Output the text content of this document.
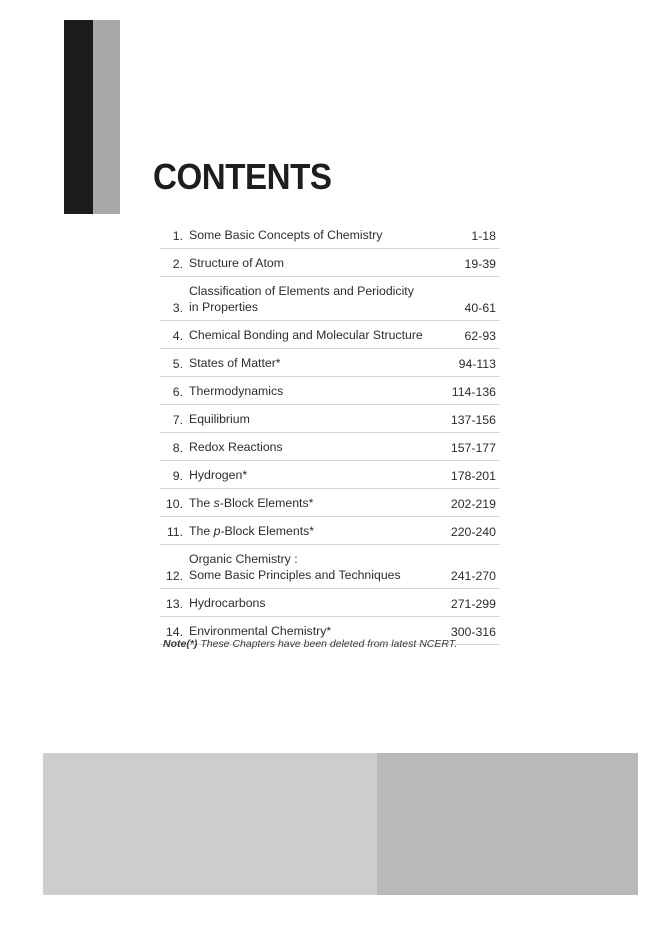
CONTENTS
1. Some Basic Concepts of Chemistry	1-18
2. Structure of Atom	19-39
3.
Classification of Elements and Periodicity
in Properties	40-61
4. Chemical Bonding and Molecular Structure	62-93
5. States of Matter*	94-113
6. Thermodynamics	114-136
7. Equilibrium	137-156
8. Redox Reactions	157-177
9. Hydrogen*	178-201
10. The s-Block Elements*	202-219
11. The p-Block Elements*	220-240
12.
Organic Chemistry :
Some Basic Principles and Techniques	241-270
13. Hydrocarbons	271-299
14. Environmental Chemistry*	300-316
Note(*) These Chapters have been deleted from latest NCERT.
